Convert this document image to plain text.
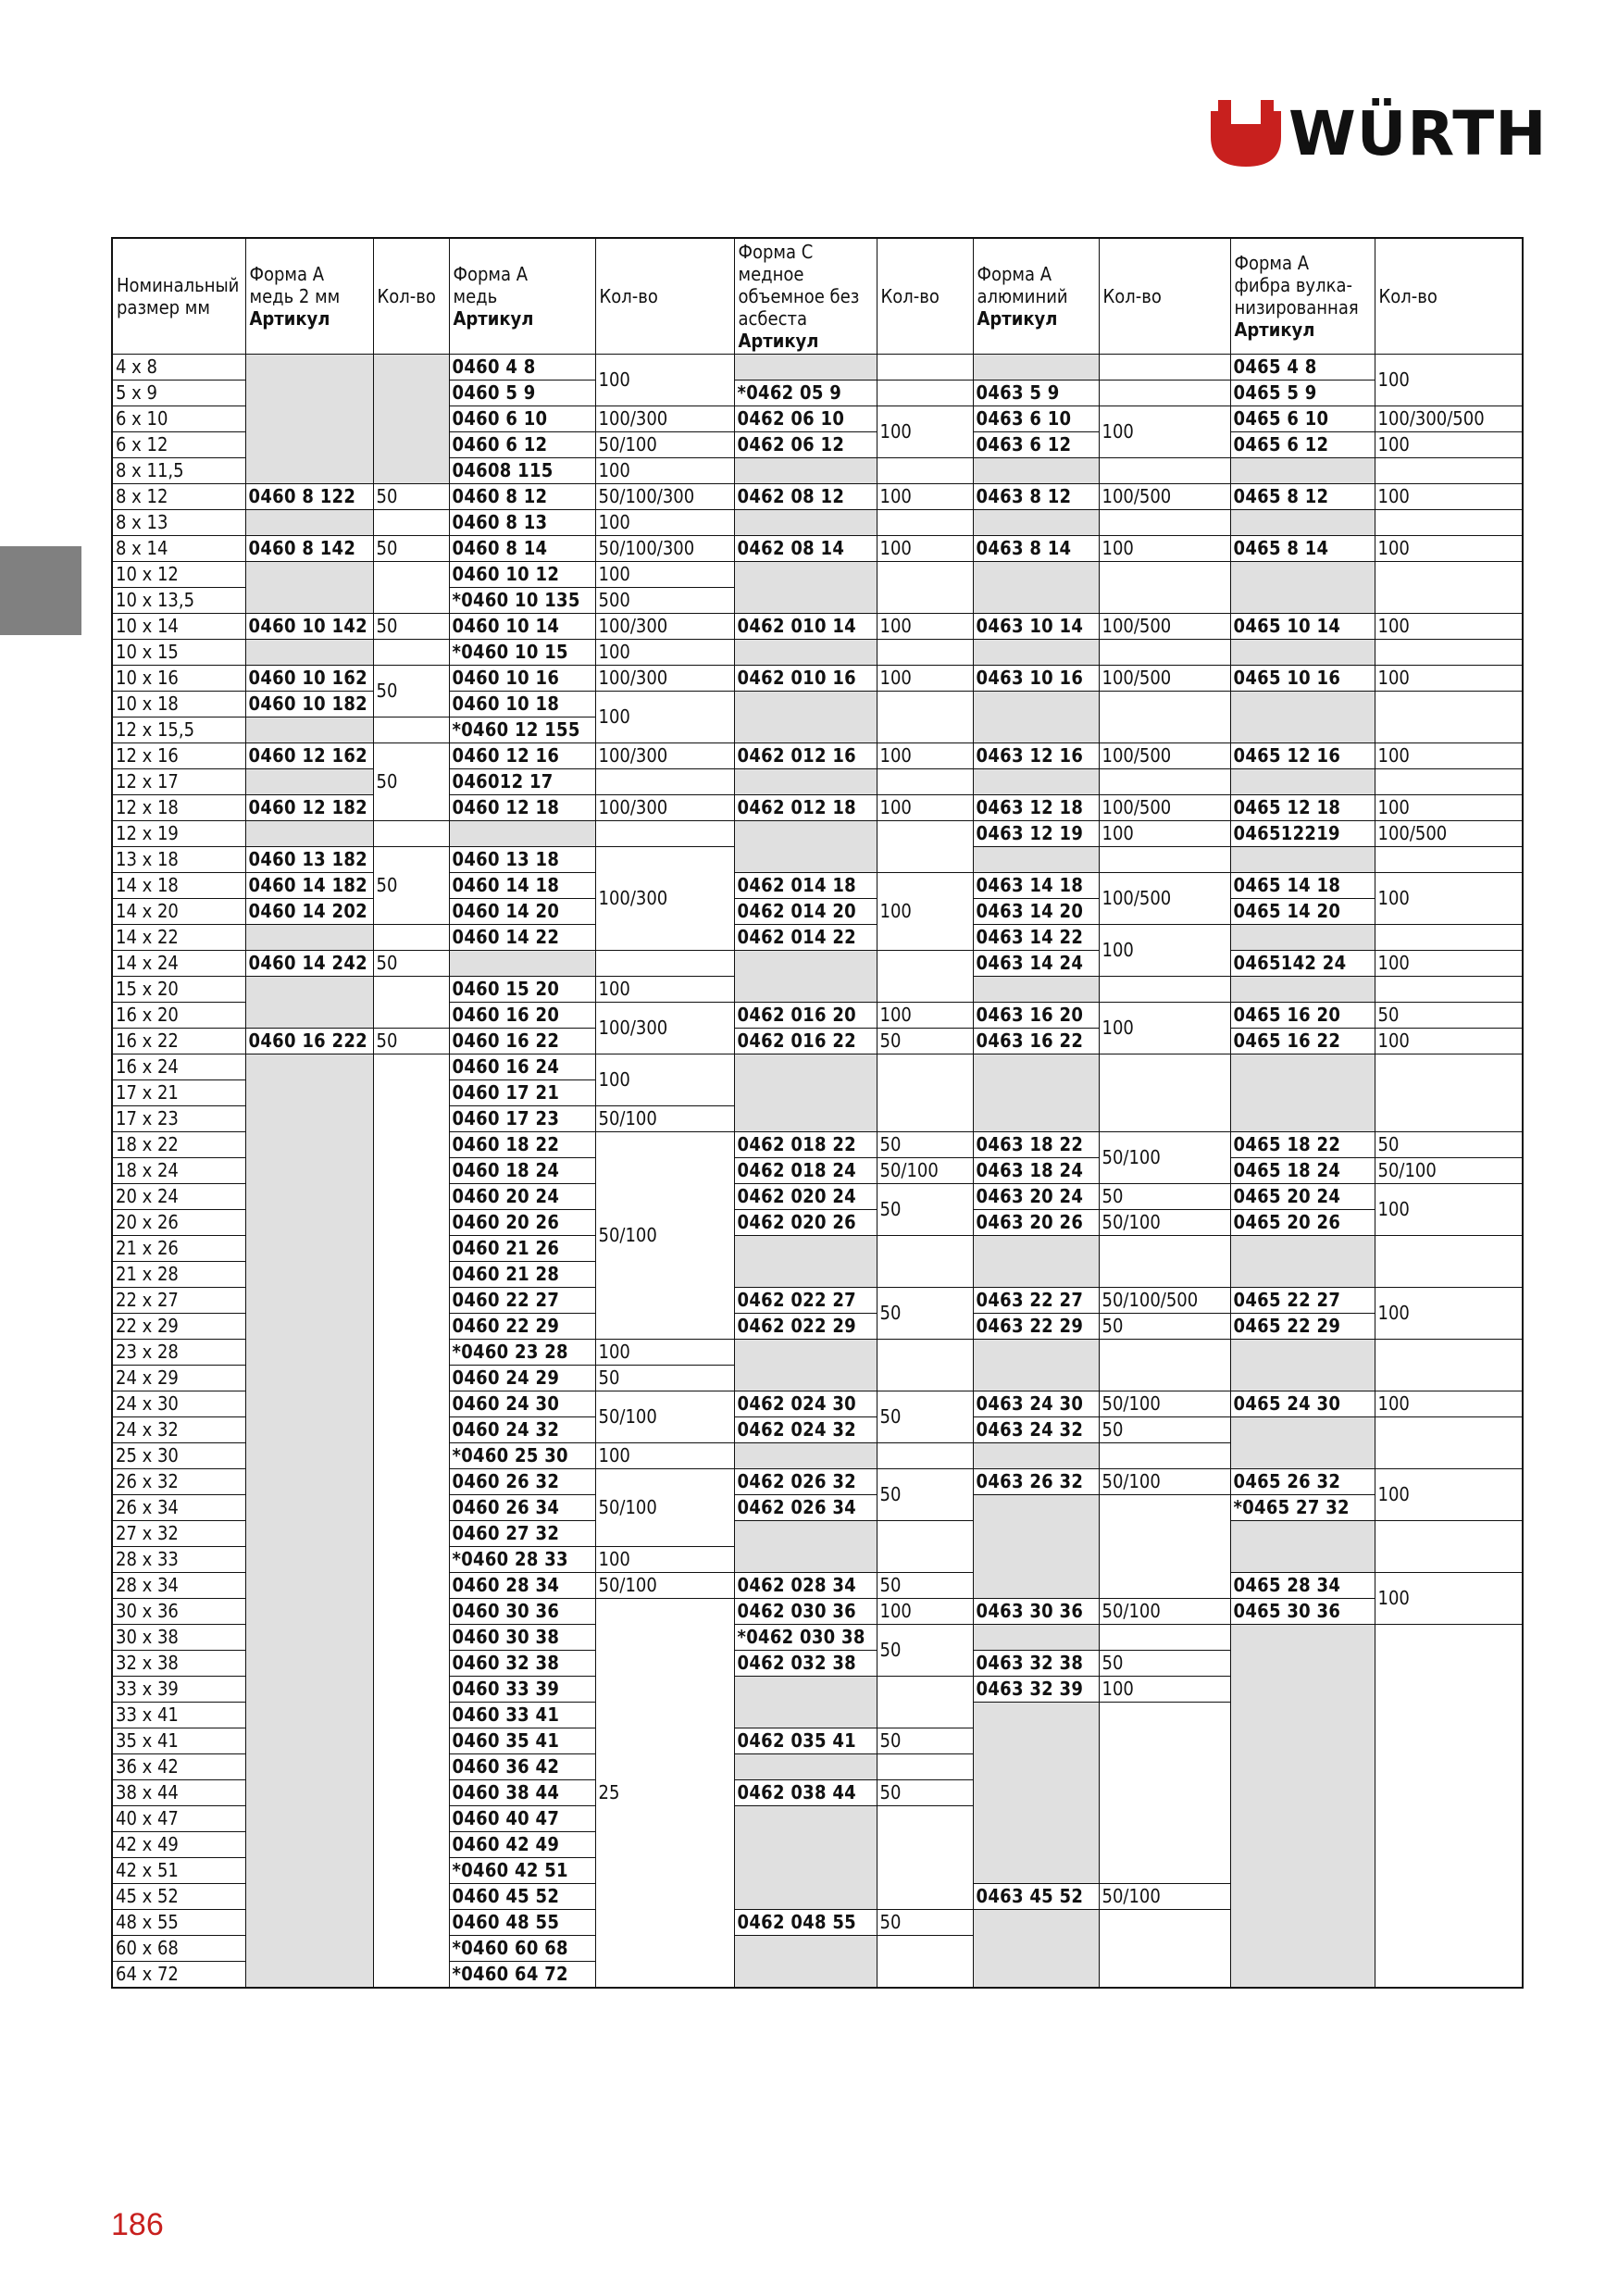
WÜRTH
Номинальный
размер мм	Форма А
медь 2 мм
Артикул	Кол-во	Форма А
медь
Артикул	Кол-во	Форма С
медное
объемное без
асбеста
Артикул	Кол-во	Форма А
алюминий
Артикул	Кол-во	Форма А
фибра вулка-
низированная
Артикул	Кол-во

4 x 8			0460 4 8	100					0465 4 8	100
5 x 9			0460 5 9		*0462 05 9		0463 5 9		0465 5 9	
6 x 10			0460 6 10	100/300	0462 06 10	100	0463 6 10	100	0465 6 10	100/300/500
6 x 12			0460 6 12	50/100	0462 06 12		0463 6 12		0465 6 12	100
8 x 11,5			04608 115	100						
8 x 12	0460 8 122	50	0460 8 12	50/100/300	0462 08 12	100	0463 8 12	100/500	0465 8 12	100
8 x 13			0460 8 13	100						
8 x 14	0460 8 142	50	0460 8 14	50/100/300	0462 08 14	100	0463 8 14	100	0465 8 14	100
10 x 12			0460 10 12	100						
10 x 13,5			*0460 10 135	500						
10 x 14	0460 10 142	50	0460 10 14	100/300	0462 010 14	100	0463 10 14	100/500	0465 10 14	100
10 x 15			*0460 10 15	100						
10 x 16	0460 10 162	50	0460 10 16	100/300	0462 010 16	100	0463 10 16	100/500	0465 10 16	100
10 x 18	0460 10 182		0460 10 18	100						
12 x 15,5			*0460 12 155							
12 x 16	0460 12 162	50	0460 12 16	100/300	0462 012 16	100	0463 12 16	100/500	0465 12 16	100
12 x 17			046012 17							
12 x 18	0460 12 182		0460 12 18	100/300	0462 012 18	100	0463 12 18	100/500	0465 12 18	100
12 x 19							0463 12 19	100	046512219	100/500
13 x 18	0460 13 182	50	0460 13 18	100/300						
14 x 18	0460 14 182		0460 14 18		0462 014 18	100	0463 14 18	100/500	0465 14 18	100
14 x 20	0460 14 202		0460 14 20		0462 014 20		0463 14 20		0465 14 20	
14 x 22			0460 14 22		0462 014 22		0463 14 22	100		
14 x 24	0460 14 242	50					0463 14 24		0465142 24	100
15 x 20			0460 15 20	100						
16 x 20			0460 16 20	100/300	0462 016 20	100	0463 16 20	100	0465 16 20	50
16 x 22	0460 16 222	50	0460 16 22		0462 016 22	50	0463 16 22		0465 16 22	100
16 x 24			0460 16 24	100						
17 x 21			0460 17 21							
17 x 23			0460 17 23	50/100						
18 x 22			0460 18 22	50/100	0462 018 22	50	0463 18 22	50/100	0465 18 22	50
18 x 24			0460 18 24		0462 018 24	50/100	0463 18 24		0465 18 24	50/100
20 x 24			0460 20 24		0462 020 24	50	0463 20 24	50	0465 20 24	100
20 x 26			0460 20 26		0462 020 26		0463 20 26	50/100	0465 20 26	
21 x 26			0460 21 26							
21 x 28			0460 21 28							
22 x 27			0460 22 27		0462 022 27	50	0463 22 27	50/100/500	0465 22 27	100
22 x 29			0460 22 29		0462 022 29		0463 22 29	50	0465 22 29	
23 x 28			*0460 23 28	100						
24 x 29			0460 24 29	50						
24 x 30			0460 24 30	50/100	0462 024 30	50	0463 24 30	50/100	0465 24 30	100
24 x 32			0460 24 32		0462 024 32		0463 24 32	50		
25 x 30			*0460 25 30	100						
26 x 32			0460 26 32	50/100	0462 026 32	50	0463 26 32	50/100	0465 26 32	100
26 x 34			0460 26 34		0462 026 34				*0465 27 32	
27 x 32			0460 27 32							
28 x 33			*0460 28 33	100						
28 x 34			0460 28 34	50/100	0462 028 34	50			0465 28 34	100
30 x 36			0460 30 36	25	0462 030 36	100	0463 30 36	50/100	0465 30 36	
30 x 38			0460 30 38		*0462 030 38	50				
32 x 38			0460 32 38		0462 032 38		0463 32 38	50		
33 x 39			0460 33 39				0463 32 39	100		
33 x 41			0460 33 41							
35 x 41			0460 35 41		0462 035 41	50				
36 x 42			0460 36 42							
38 x 44			0460 38 44		0462 038 44	50				
40 x 47			0460 40 47							
42 x 49			0460 42 49							
42 x 51			*0460 42 51							
45 x 52			0460 45 52				0463 45 52	50/100		
48 x 55			0460 48 55		0462 048 55	50				
60 x 68			*0460 60 68							
64 x 72			*0460 64 72							
186
